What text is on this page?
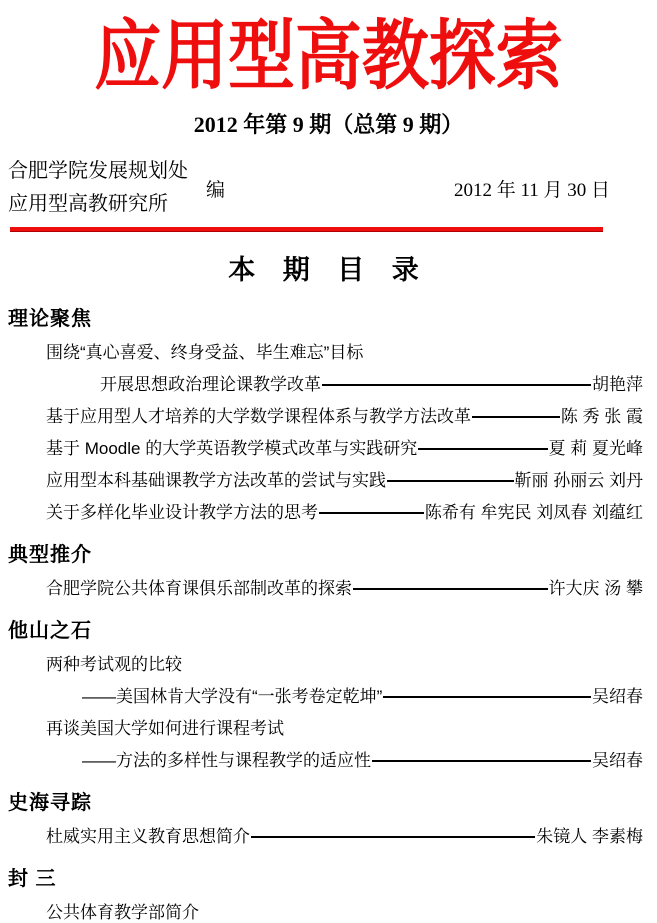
应用型高教探索
2012 年第 9 期（总第 9 期）
合肥学院发展规划处
应用型高教研究所
编	2012 年 11 月 30 日
本 期 目 录
理论聚焦
围绕“真心喜爱、终身受益、毕生难忘”目标
开展思想政治理论课教学改革	胡艳萍
基于应用型人才培养的大学数学课程体系与教学方法改革	陈 秀 张 霞
基于 Moodle 的大学英语教学模式改革与实践研究	夏 莉 夏光峰
应用型本科基础课教学方法改革的尝试与实践	靳丽 孙丽云 刘丹
关于多样化毕业设计教学方法的思考	陈希有 牟宪民 刘凤春 刘蕴红
典型推介
合肥学院公共体育课俱乐部制改革的探索	许大庆 汤 攀
他山之石
两种考试观的比较
——美国林肯大学没有“一张考卷定乾坤”	吴绍春
再谈美国大学如何进行课程考试
——方法的多样性与课程教学的适应性	吴绍春
史海寻踪
杜威实用主义教育思想简介	朱镜人 李素梅
封 三
公共体育教学部简介
